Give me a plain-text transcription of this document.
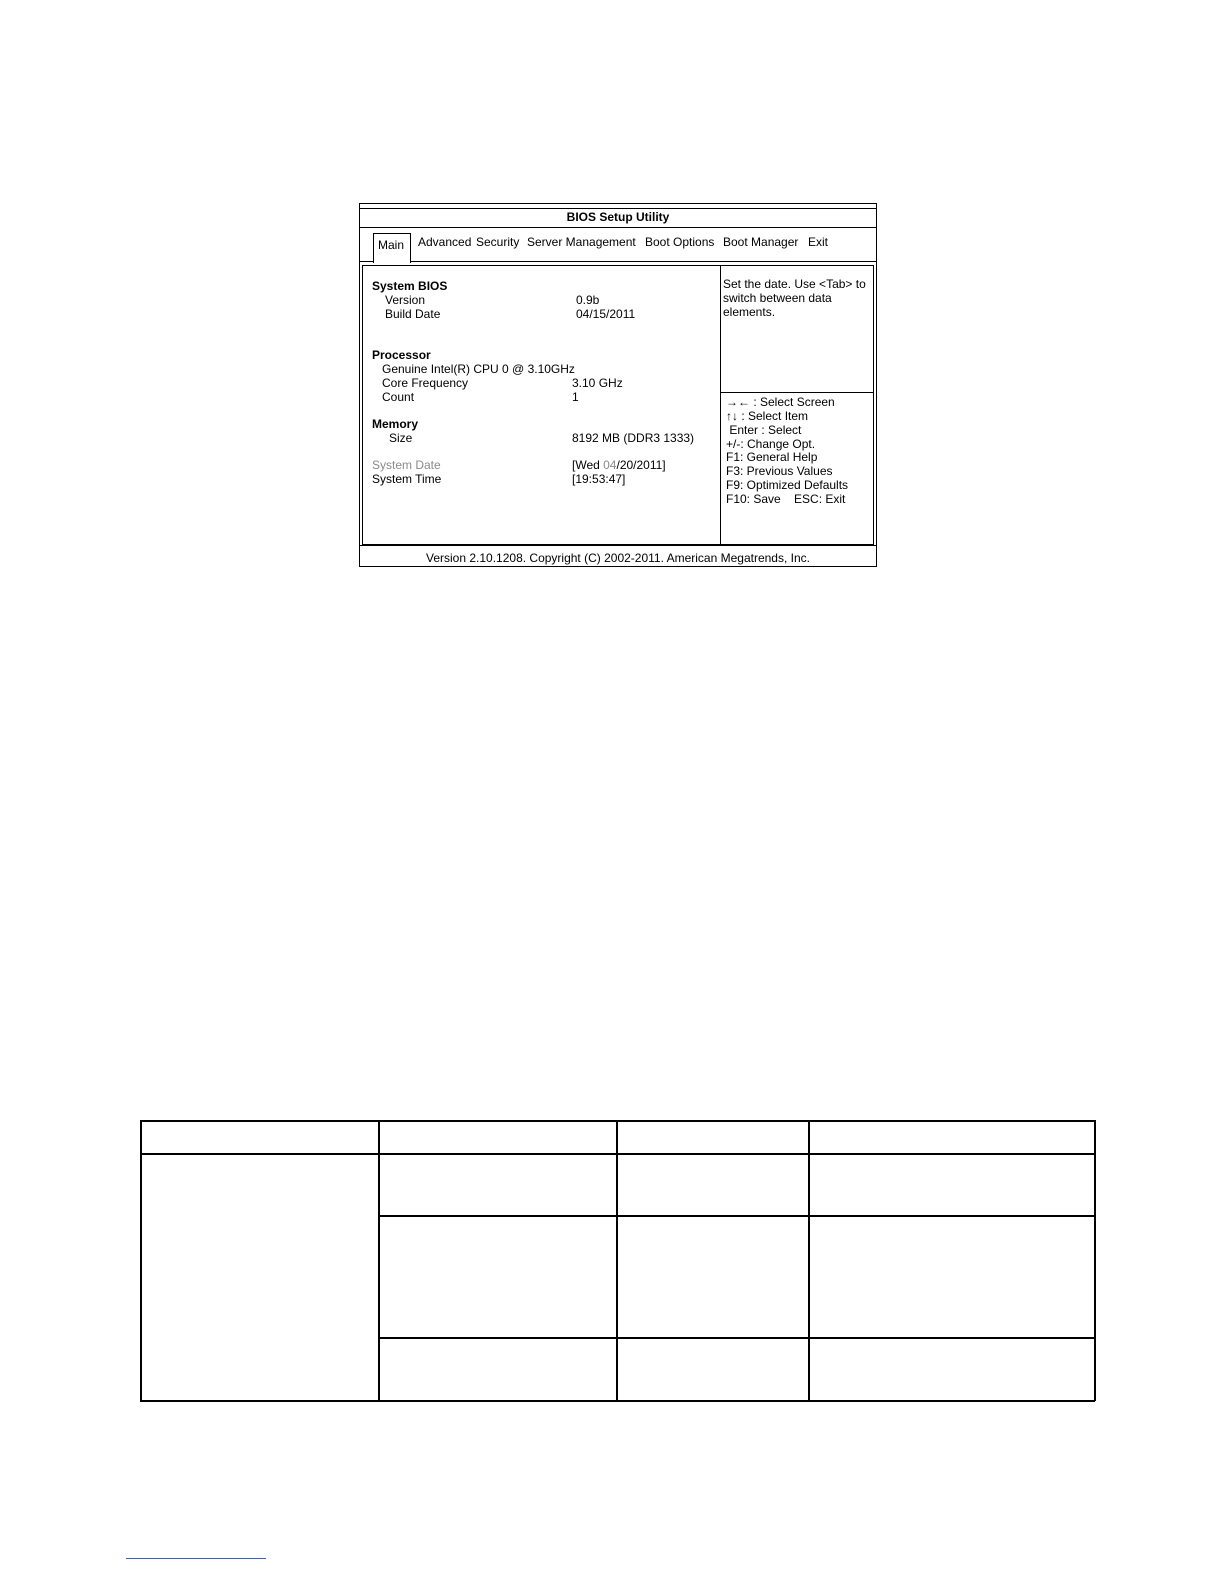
BIOS Setup Utility
Main Advanced Security Server Management Boot Options Boot Manager Exit
System BIOS
Version	0.9b
Build Date	04/15/2011
Processor
Genuine Intel(R) CPU 0 @ 3.10GHz
Core Frequency	3.10 GHz
Count	1
Memory
Size	8192 MB (DDR3 1333)
System Date	[Wed 04/20/2011]
System Time	[19:53:47]
Set the date. Use <Tab> to switch between data elements.
→← : Select Screen
↑↓ : Select Item
Enter : Select
+/-: Change Opt.
F1: General Help
F3: Previous Values
F9: Optimized Defaults
F10: Save    ESC: Exit
Version 2.10.1208. Copyright (C) 2002-2011. American Megatrends, Inc.
